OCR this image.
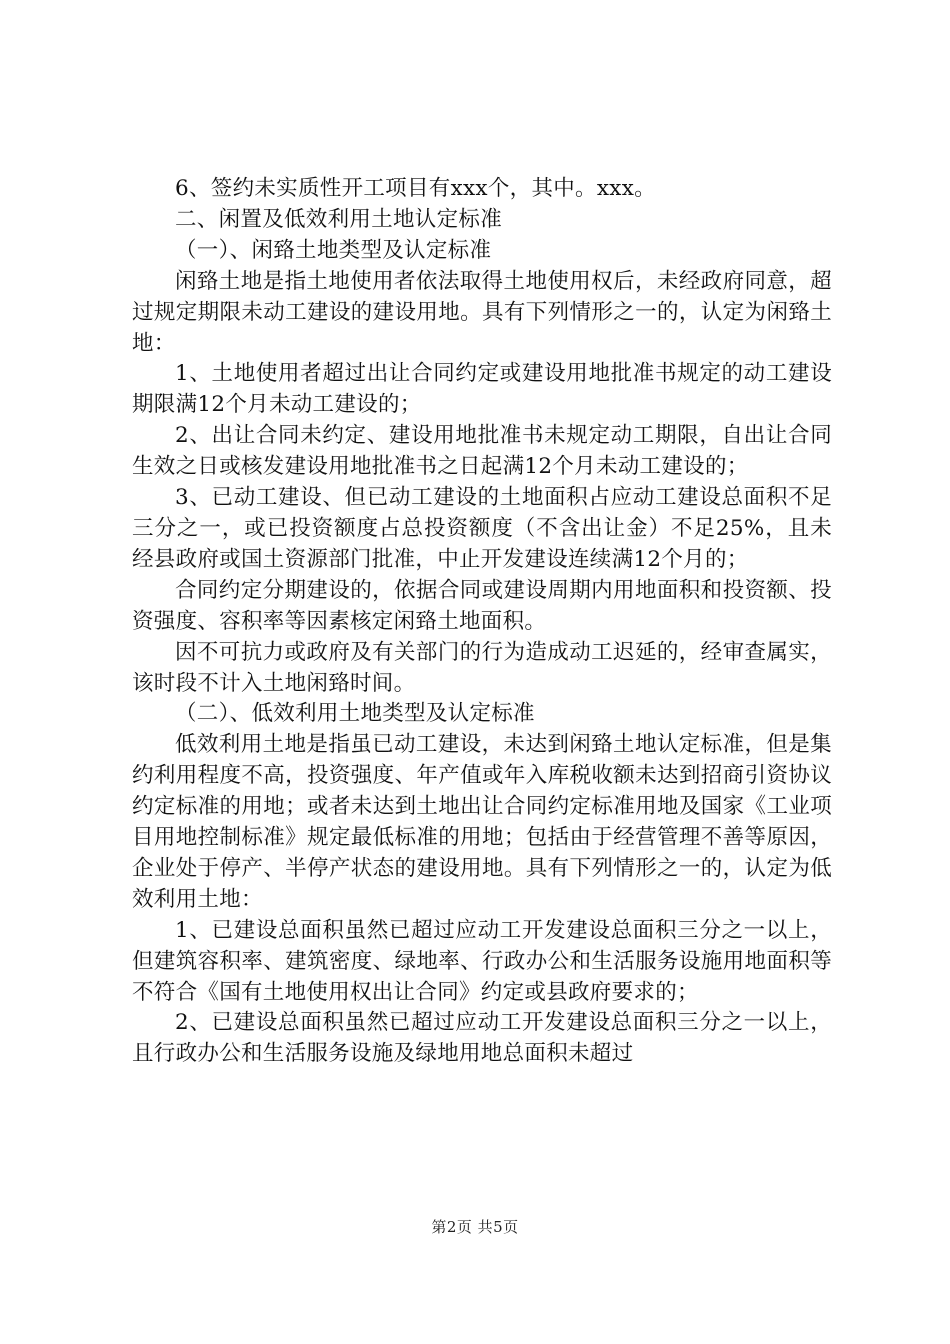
6、签约未实质性开工项目有xxx个，其中。xxx。

二、闲置及低效利用土地认定标准

（一）、闲臵土地类型及认定标准

闲臵土地是指土地使用者依法取得土地使用权后，未经政府同意，超过规定期限未动工建设的建设用地。具有下列情形之一的，认定为闲臵土地：

1、土地使用者超过出让合同约定或建设用地批准书规定的动工建设期限满12个月未动工建设的；

2、出让合同未约定、建设用地批准书未规定动工期限，自出让合同生效之日或核发建设用地批准书之日起满12个月未动工建设的；

3、已动工建设、但已动工建设的土地面积占应动工建设总面积不足三分之一，或已投资额度占总投资额度（不含出让金）不足25%，且未经县政府或国土资源部门批准，中止开发建设连续满12个月的；

合同约定分期建设的，依据合同或建设周期内用地面积和投资额、投资强度、容积率等因素核定闲臵土地面积。

因不可抗力或政府及有关部门的行为造成动工迟延的，经审查属实，该时段不计入土地闲臵时间。

（二）、低效利用土地类型及认定标准

低效利用土地是指虽已动工建设，未达到闲臵土地认定标准，但是集约利用程度不高，投资强度、年产值或年入库税收额未达到招商引资协议约定标准的用地；或者未达到土地出让合同约定标准用地及国家《工业项目用地控制标准》规定最低标准的用地；包括由于经营管理不善等原因，企业处于停产、半停产状态的建设用地。具有下列情形之一的，认定为低效利用土地：

1、已建设总面积虽然已超过应动工开发建设总面积三分之一以上，但建筑容积率、建筑密度、绿地率、行政办公和生活服务设施用地面积等不符合《国有土地使用权出让合同》约定或县政府要求的；

2、已建设总面积虽然已超过应动工开发建设总面积三分之一以上，且行政办公和生活服务设施及绿地用地总面积未超过

第2页 共5页
